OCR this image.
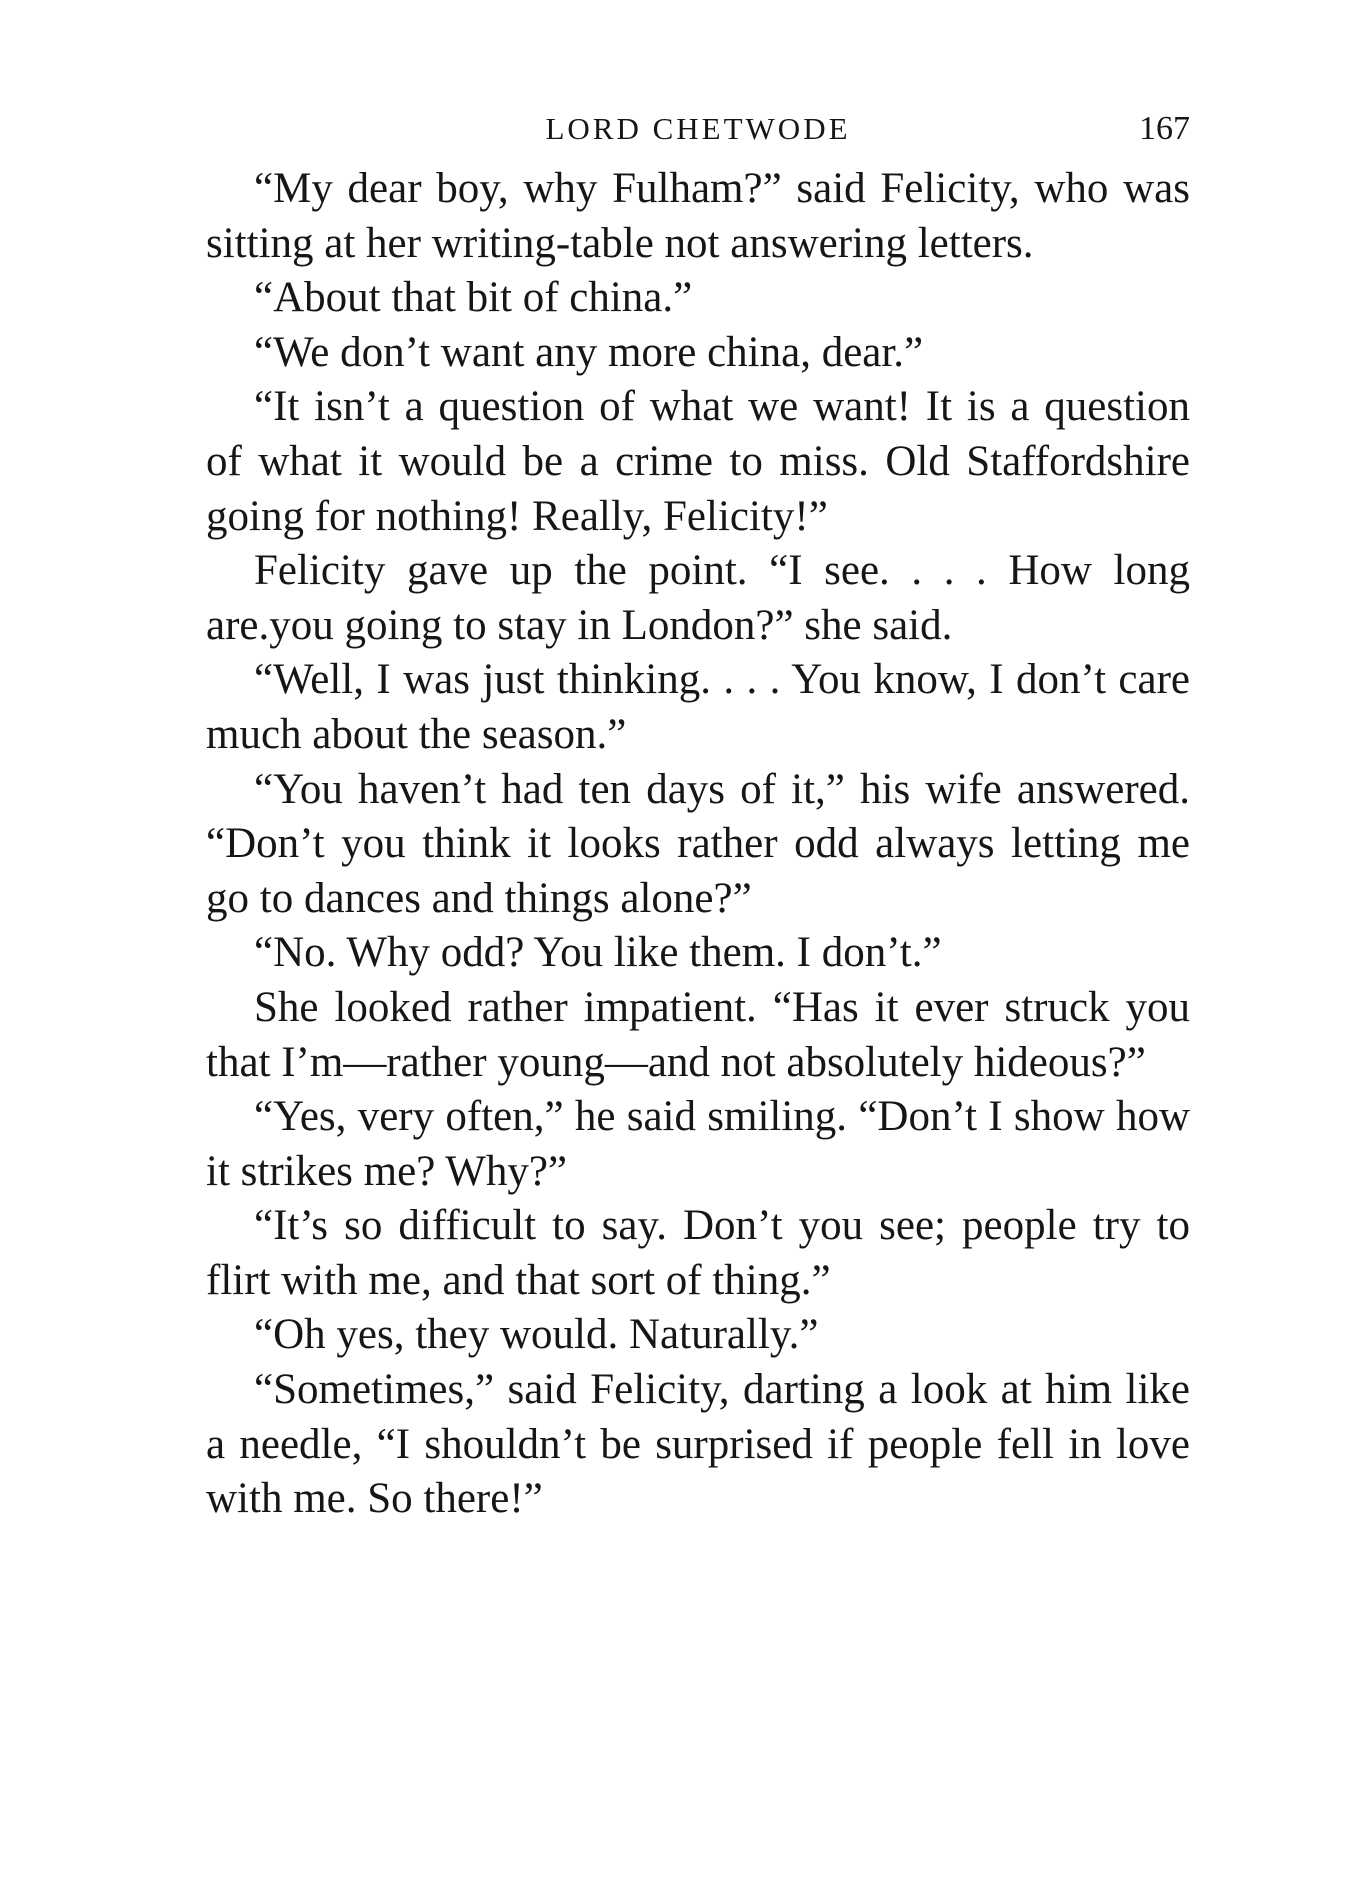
LORD CHETWODE	167

“My dear boy, why Fulham?” said Felicity, who was sitting at her writing-table not answering letters.

“About that bit of china.”

“We don’t want any more china, dear.”

“It isn’t a question of what we want! It is a question of what it would be a crime to miss. Old Staffordshire going for nothing! Really, Felicity!”

Felicity gave up the point. “I see. . . . How long are.you going to stay in London?” she said.

“Well, I was just thinking. . . . You know, I don’t care much about the season.”

“You haven’t had ten days of it,” his wife answered. “Don’t you think it looks rather odd always letting me go to dances and things alone?”

“No. Why odd? You like them. I don’t.”

She looked rather impatient. “Has it ever struck you that I’m—rather young—and not absolutely hideous?”

“Yes, very often,” he said smiling. “Don’t I show how it strikes me? Why?”

“It’s so difficult to say. Don’t you see; people try to flirt with me, and that sort of thing.”

“Oh yes, they would. Naturally.”

“Sometimes,” said Felicity, darting a look at him like a needle, “I shouldn’t be surprised if people fell in love with me. So there!”
